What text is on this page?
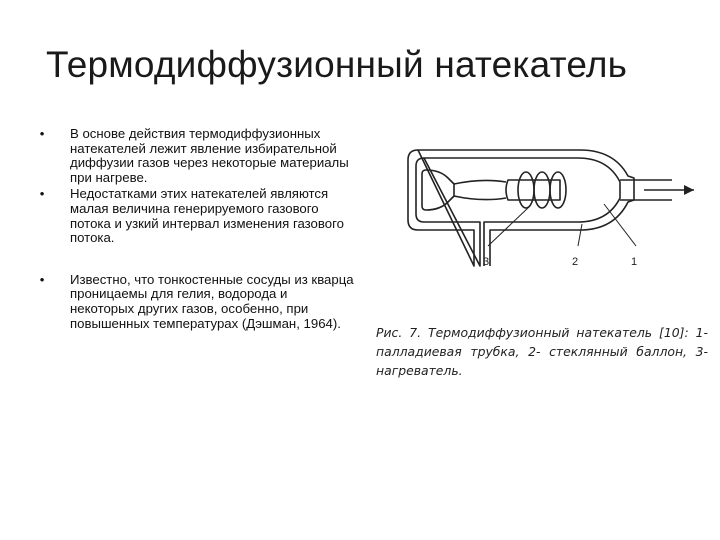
Термодиффузионный натекатель
• В основе действия термодиффузионных натекателей лежит явление избирательной диффузии газов через некоторые материалы при нагреве.
• Недостатками этих натекателей являются малая величина генерируемого газового потока и узкий интервал изменения газового потока.
• Известно, что тонкостенные сосуды из кварца проницаемы для гелия, водорода и некоторых других газов, особенно, при повышенных температурах (Дэшман, 1964).
3	2	1
Рис. 7. Термодиффузионный натекатель [10]: 1- палладиевая трубка, 2- стеклянный баллон, 3- нагреватель.
